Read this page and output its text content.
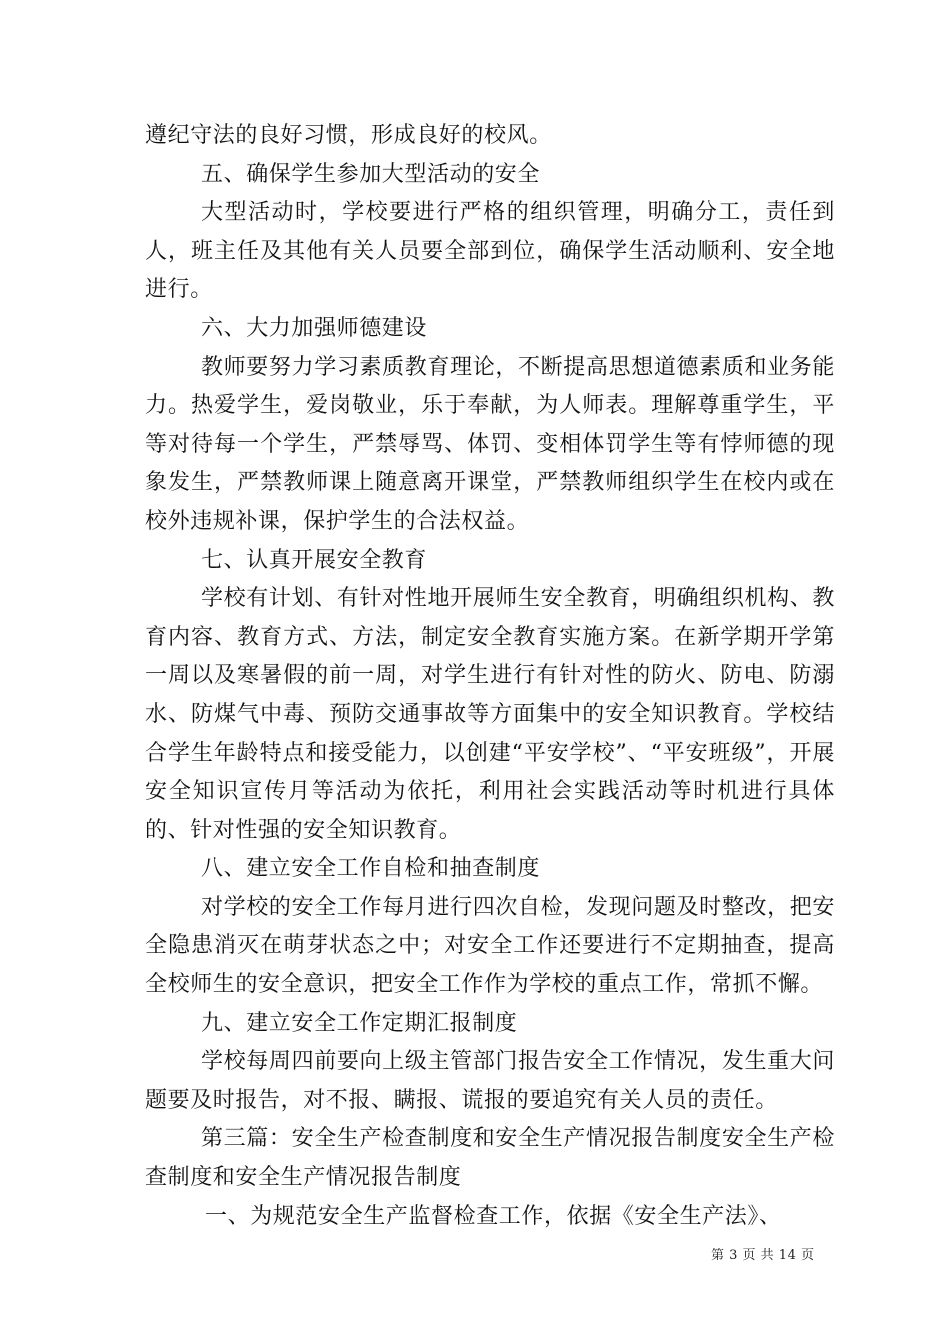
遵纪守法的良好习惯，形成良好的校风。

五、确保学生参加大型活动的安全

大型活动时，学校要进行严格的组织管理，明确分工，责任到人，班主任及其他有关人员要全部到位，确保学生活动顺利、安全地进行。

六、大力加强师德建设

教师要努力学习素质教育理论，不断提高思想道德素质和业务能力。热爱学生，爱岗敬业，乐于奉献，为人师表。理解尊重学生，平等对待每一个学生，严禁辱骂、体罚、变相体罚学生等有悖师德的现象发生，严禁教师课上随意离开课堂，严禁教师组织学生在校内或在校外违规补课，保护学生的合法权益。

七、认真开展安全教育

学校有计划、有针对性地开展师生安全教育，明确组织机构、教育内容、教育方式、方法，制定安全教育实施方案。在新学期开学第一周以及寒暑假的前一周，对学生进行有针对性的防火、防电、防溺水、防煤气中毒、预防交通事故等方面集中的安全知识教育。学校结合学生年龄特点和接受能力，以创建“平安学校”、“平安班级”，开展安全知识宣传月等活动为依托，利用社会实践活动等时机进行具体的、针对性强的安全知识教育。

八、建立安全工作自检和抽查制度

对学校的安全工作每月进行四次自检，发现问题及时整改，把安全隐患消灭在萌芽状态之中；对安全工作还要进行不定期抽查，提高全校师生的安全意识，把安全工作作为学校的重点工作，常抓不懈。

九、建立安全工作定期汇报制度

学校每周四前要向上级主管部门报告安全工作情况，发生重大问题要及时报告，对不报、瞒报、谎报的要追究有关人员的责任。

第三篇：安全生产检查制度和安全生产情况报告制度安全生产检查制度和安全生产情况报告制度

一、为规范安全生产监督检查工作，依据《安全生产法》、

第 3 页 共 14 页
